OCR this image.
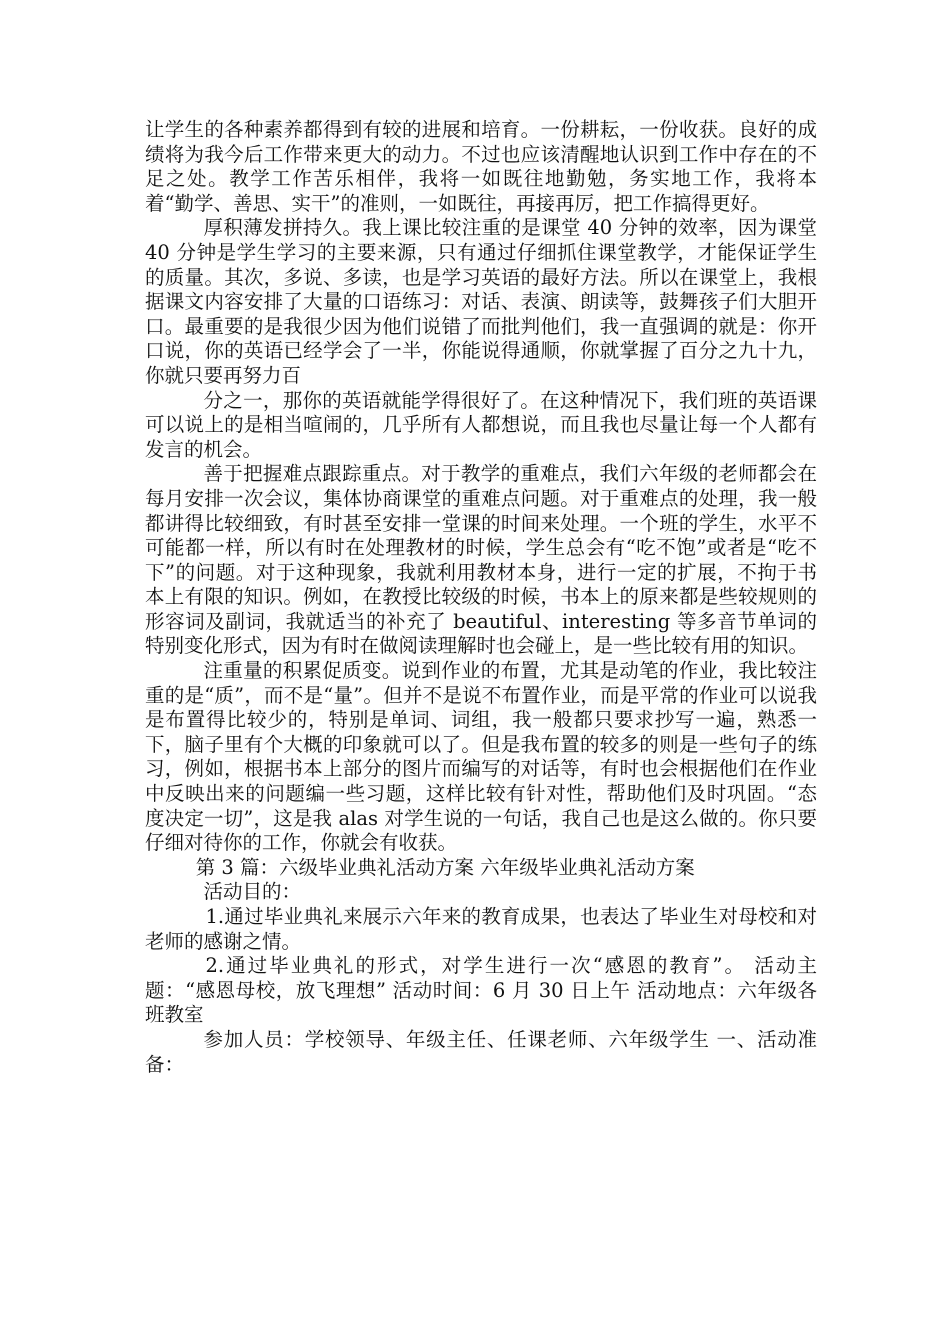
让学生的各种素养都得到有较的进展和培育。一份耕耘，一份收获。良好的成绩将为我今后工作带来更大的动力。不过也应该清醒地认识到工作中存在的不足之处。教学工作苦乐相伴，我将一如既往地勤勉，务实地工作，我将本着“勤学、善思、实干”的准则，一如既往，再接再厉，把工作搞得更好。

厚积薄发拼持久。我上课比较注重的是课堂 40 分钟的效率，因为课堂 40 分钟是学生学习的主要来源，只有通过仔细抓住课堂教学，才能保证学生的质量。其次，多说、多读，也是学习英语的最好方法。所以在课堂上，我根据课文内容安排了大量的口语练习：对话、表演、朗读等，鼓舞孩子们大胆开口。最重要的是我很少因为他们说错了而批判他们，我一直强调的就是：你开口说，你的英语已经学会了一半，你能说得通顺，你就掌握了百分之九十九，你就只要再努力百

分之一，那你的英语就能学得很好了。在这种情况下，我们班的英语课可以说上的是相当喧闹的，几乎所有人都想说，而且我也尽量让每一个人都有发言的机会。

善于把握难点跟踪重点。对于教学的重难点，我们六年级的老师都会在每月安排一次会议，集体协商课堂的重难点问题。对于重难点的处理，我一般都讲得比较细致，有时甚至安排一堂课的时间来处理。一个班的学生，水平不可能都一样，所以有时在处理教材的时候，学生总会有“吃不饱”或者是“吃不下”的问题。对于这种现象，我就利用教材本身，进行一定的扩展，不拘于书本上有限的知识。例如，在教授比较级的时候，书本上的原来都是些较规则的形容词及副词，我就适当的补充了 beautiful、interesting 等多音节单词的特别变化形式，因为有时在做阅读理解时也会碰上，是一些比较有用的知识。

注重量的积累促质变。说到作业的布置，尤其是动笔的作业，我比较注重的是“质”，而不是“量”。但并不是说不布置作业，而是平常的作业可以说我是布置得比较少的，特别是单词、词组，我一般都只要求抄写一遍，熟悉一下，脑子里有个大概的印象就可以了。但是我布置的较多的则是一些句子的练习，例如，根据书本上部分的图片而编写的对话等，有时也会根据他们在作业中反映出来的问题编一些习题，这样比较有针对性，帮助他们及时巩固。“态度决定一切”，这是我 alas 对学生说的一句话，我自己也是这么做的。你只要仔细对待你的工作，你就会有收获。

第 3 篇：六级毕业典礼活动方案 六年级毕业典礼活动方案

活动目的：

1.通过毕业典礼来展示六年来的教育成果，也表达了毕业生对母校和对老师的感谢之情。

2.通过毕业典礼的形式，对学生进行一次“感恩的教育”。 活动主题：“感恩母校，放飞理想” 活动时间：6 月 30 日上午 活动地点：六年级各班教室

参加人员：学校领导、年级主任、任课老师、六年级学生 一、活动准备：
